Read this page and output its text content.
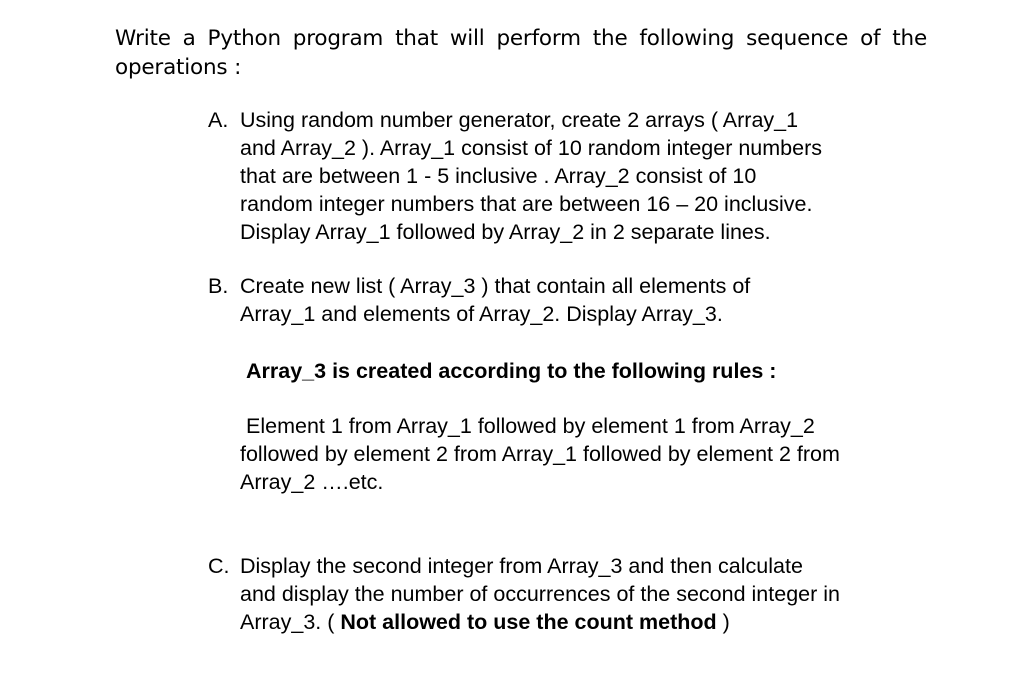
Write a Python program that will perform the following sequence of the operations :
A. Using random number generator, create 2 arrays ( Array_1
and Array_2 ). Array_1 consist of 10 random integer numbers
that are between 1 - 5 inclusive . Array_2 consist of 10
random integer numbers that are between 16 – 20 inclusive.
Display Array_1 followed by Array_2 in 2 separate lines.
B. Create new list ( Array_3 ) that contain all elements of
Array_1 and elements of Array_2. Display Array_3.
Array_3 is created according to the following rules :
Element 1 from Array_1 followed by element 1 from Array_2
followed by element 2 from Array_1 followed by element 2 from
Array_2 ….etc.
C. Display the second integer from Array_3 and then calculate
and display the number of occurrences of the second integer in
Array_3. ( Not allowed to use the count method )
